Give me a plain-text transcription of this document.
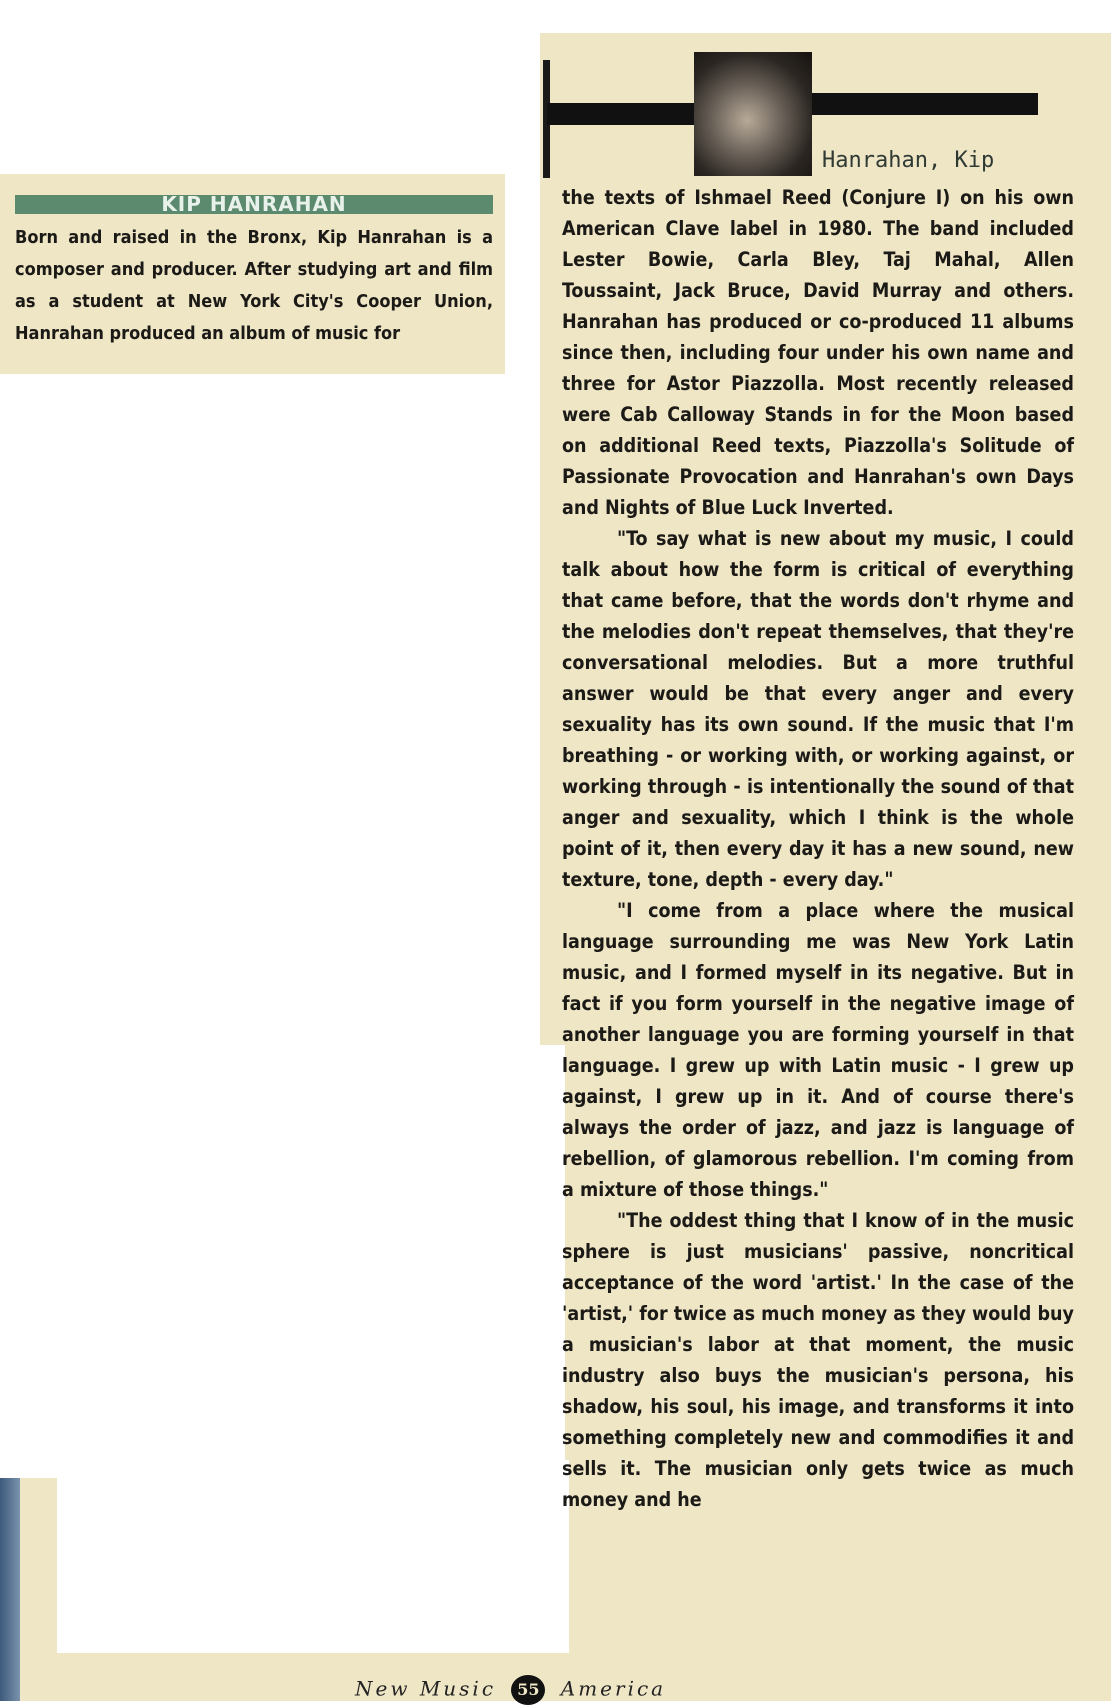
KIP HANRAHAN
Born and raised in the Bronx, Kip Hanrahan is a composer and producer. After studying art and film as a student at New York City's Cooper Union, Hanrahan produced an album of music for
Hanrahan, Kip

the texts of Ishmael Reed (Conjure I) on his own American Clave label in 1980. The band included Lester Bowie, Carla Bley, Taj Mahal, Allen Toussaint, Jack Bruce, David Murray and others. Hanrahan has produced or co-produced 11 albums since then, including four under his own name and three for Astor Piazzolla. Most recently released were Cab Calloway Stands in for the Moon based on additional Reed texts, Piazzolla's Solitude of Passionate Provocation and Hanrahan's own Days and Nights of Blue Luck Inverted.

"To say what is new about my music, I could talk about how the form is critical of everything that came before, that the words don't rhyme and the melodies don't repeat themselves, that they're conversational melodies. But a more truthful answer would be that every anger and every sexuality has its own sound. If the music that I'm breathing - or working with, or working against, or working through - is intentionally the sound of that anger and sexuality, which I think is the whole point of it, then every day it has a new sound, new texture, tone, depth - every day."

"I come from a place where the musical language surrounding me was New York Latin music, and I formed myself in its negative. But in fact if you form yourself in the negative image of another language you are forming yourself in that language. I grew up with Latin music - I grew up against, I grew up in it. And of course there's always the order of jazz, and jazz is language of rebellion, of glamorous rebellion. I'm coming from a mixture of those things."

"The oddest thing that I know of in the music sphere is just musicians' passive, noncritical acceptance of the word 'artist.' In the case of the 'artist,' for twice as much money as they would buy a musician's labor at that moment, the music industry also buys the musician's persona, his shadow, his soul, his image, and transforms it into something completely new and commodifies it and sells it. The musician only gets twice as much money and he

New Music 55 America
